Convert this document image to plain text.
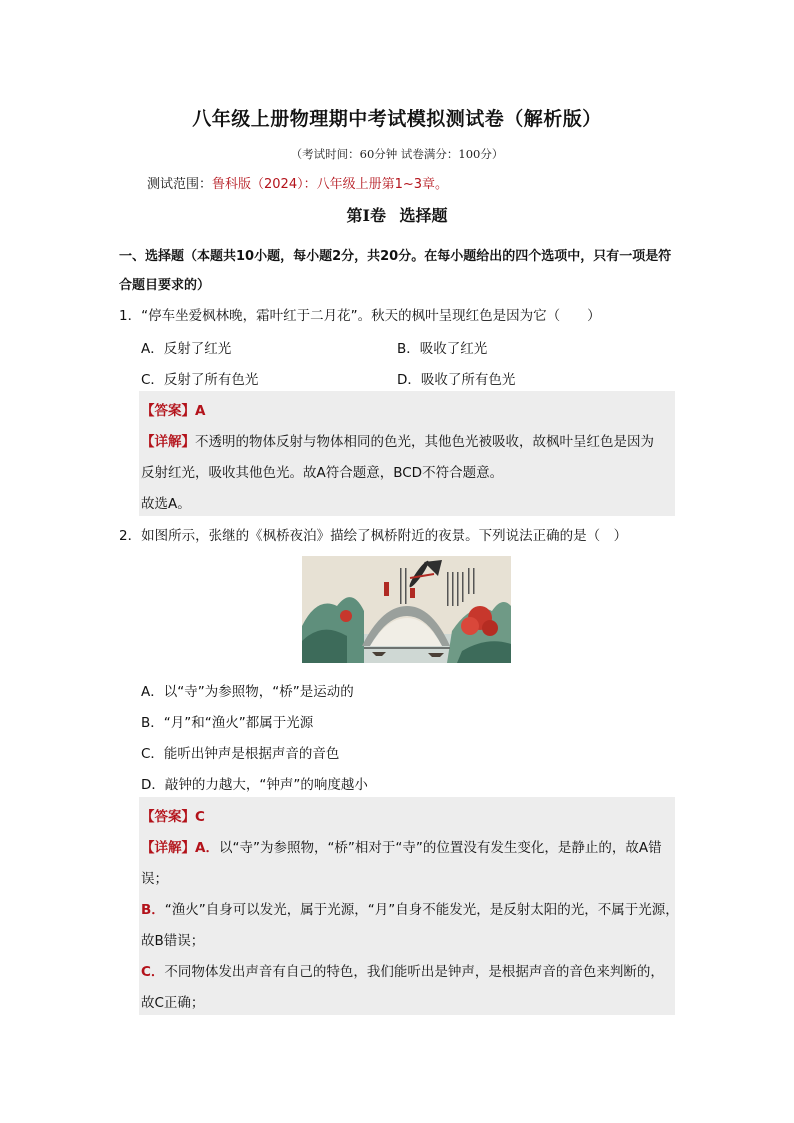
八年级上册物理期中考试模拟测试卷（解析版）
（考试时间：60分钟 试卷满分：100分）
测试范围：鲁科版（2024）：八年级上册第1~3章。
第Ⅰ卷 选择题
一、选择题（本题共10小题，每小题2分，共20分。在每小题给出的四个选项中，只有一项是符合题目要求的）
1．“停车坐爱枫林晚，霜叶红于二月花”。秋天的枫叶呈现红色是因为它（　　）
A．反射了红光	B．吸收了红光
C．反射了所有色光	D．吸收了所有色光
【答案】A
【详解】不透明的物体反射与物体相同的色光，其他色光被吸收，故枫叶呈红色是因为
反射红光，吸收其他色光。故A符合题意，BCD不符合题意。
故选A。
2．如图所示，张继的《枫桥夜泊》描绘了枫桥附近的夜景。下列说法正确的是（　）
A．以“寺”为参照物，“桥”是运动的
B．“月”和“渔火”都属于光源
C．能听出钟声是根据声音的音色
D．敲钟的力越大，“钟声”的响度越小
【答案】C
【详解】A．以“寺”为参照物，“桥”相对于“寺”的位置没有发生变化，是静止的，故A错
误；
B．“渔火”自身可以发光，属于光源，“月”自身不能发光，是反射太阳的光，不属于光源，
故B错误；
C．不同物体发出声音有自己的特色，我们能听出是钟声，是根据声音的音色来判断的，
故C正确；
